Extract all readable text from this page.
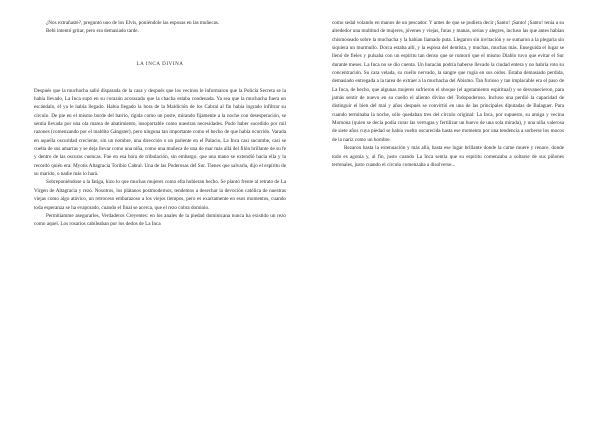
¿Nos extrañaste?, preguntó uno de los Elvis, poniéndole las esposas en las muñecas.

Bebi intentó gritar, pero era demasiado tarde.

LA INCA DIVINA

Después que la muchacha salió disparada de la casa y después que los vecinos le informaron que la Policía Secreta se la había llevado, La Inca supo en su corazón acorazado que la chacha estaba condenada. Ya sea que la muchacha fuera un escándalo, él ya le había llegado. Había llegado la hora de la Maldición de los Cabral al fin había logrado infiltrar su círculo. De pie en el mismo borde del barrio, rígida como un poste, mirando fijamente a la noche con desesperación, se sentía llevada por una ola marea de abatimiento, insoportable como nuestras necesidades. Pudo haber sucedido por mil razones (comenzando por el maldito Gángster), pero ninguna tan importante como el hecho de que había ocurrido. Varada en aquella oscuridad creciente, sin un nombre, una dirección o un pariente en el Palacio, La Inca casi sucumbe, casi se cuelta de sus amarras y se deja llevar como una niña, como una muñeca de una de mar más allá del filón brillante de su fe y dentro de las oscuras cuencas. Fue en esa hora de tribulación, sin embargo, que una mano se extendió hacia ella y la recordó quién era: Myotis Altagracia Toribio Cabral. Una de las Poderosas del Sur. Tienes que salvarla, dijo el espíritu de su marido, o nadie más lo hará.

Sobreponiéndose a la fatiga, hizo lo que muchas mujeres como ella hubieran hecho. Se plantó frente al retrato de La Virgen de Altagracia y rezó. Nosotros, los plátanos postmodernos, tendemos a desechar la devoción católica de nuestras viejas como algo atávico, un retroceso embarazoso a los viejos tiempos, pero es exactamente en esos momentos, cuando toda esperanza se ha evaporado, cuando el final se acerca, que el rezo cobra dominio.

Permitiamme asegurarles, Verdaderos Creyentes: en los anales de la piedad dominicana nunca ha existido un rezo como aquel. Los rosarios cabileaban por los dedos de La Inca

como sedal volando en manos de un pescador. Y antes de que se pudiera decir ¡Santo! ¡Santo! ¡Santo! tenía a su alrededor una multitud de mujeres, jóvenes y viejas, furas y manas, serias y alegres, incluso las que antes habían chismoseado sobre la muchacha y la habían llamado puta. Llegaron sin invitación y se sumaron a la plegaria sin siquiera un murmullo. Dorca estaba allí, y la esposa del dentista, y muchas, muchas más. Enseguida el lugar se llenó de fieles y pulsaba con un espíritu tan denso que se rumoró que el mismo Diablo tuvo que evitar el Sur durante meses. La Inca no se dio cuenta. Un huracán podría haberse llevado la ciudad entera y no habría roto su concentración. Su cara velada, su cuello nervado, la sangre que rugía en sus oídos. Estaba demasiado perdida, demasiado entregada a la tarea de extraer a la muchacha del Abismo. Tan furioso y tan implacable era el paso de La Inca, de hecho, que algunas mujeres sufrieron el shoque (el agotamiento espiritual) y se desvanecieron, para jamás sentir de nuevo en su cuello el aliento divino del Todopoderoso. Incluso una perdió la capacidad de distinguir el bien del mal y años después se convirtió en una de las principales diputadas de Balaguer. Para cuando terminaba la noche, sólo quedaban tres del círculo original: La Inca, por supuesto, su amiga y vecina Momona (quien se decía podía curar las verrugas y fertilizar un huevo de una sola mirada), y una niña valerosa de siete años cuya piedad se había vuelto oscurecida hasta ese momento por una tendencia a sorberse los mocos de la nariz como un hombre.

Rezaron hasta la extenuación y más allá, hasta ese lugar brillante donde la carne muere y renace, donde todo es agonía y, al fin, justo cuando La Inca sentía que su espíritu comenzaba a soltarse de sus piñones terrenales, justo cuando el círculo comenzaba a disolverse...
